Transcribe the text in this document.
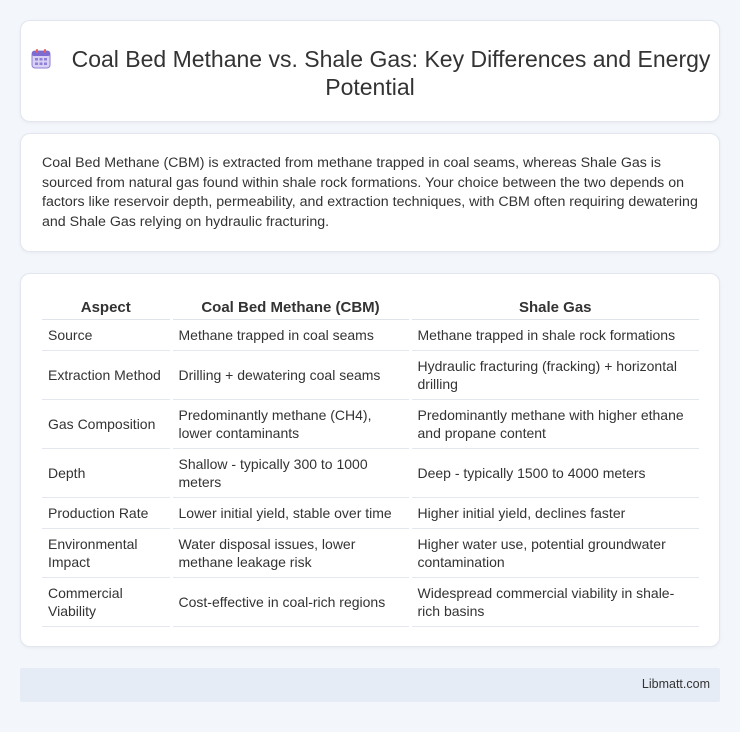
Coal Bed Methane vs. Shale Gas: Key Differences and Energy Potential

Coal Bed Methane (CBM) is extracted from methane trapped in coal seams, whereas Shale Gas is sourced from natural gas found within shale rock formations. Your choice between the two depends on factors like reservoir depth, permeability, and extraction techniques, with CBM often requiring dewatering and Shale Gas relying on hydraulic fracturing.

Aspect	Coal Bed Methane (CBM)	Shale Gas
Source	Methane trapped in coal seams	Methane trapped in shale rock formations
Extraction Method	Drilling + dewatering coal seams	Hydraulic fracturing (fracking) + horizontal drilling
Gas Composition	Predominantly methane (CH4), lower contaminants	Predominantly methane with higher ethane and propane content
Depth	Shallow - typically 300 to 1000 meters	Deep - typically 1500 to 4000 meters
Production Rate	Lower initial yield, stable over time	Higher initial yield, declines faster
Environmental Impact	Water disposal issues, lower methane leakage risk	Higher water use, potential groundwater contamination
Commercial Viability	Cost-effective in coal-rich regions	Widespread commercial viability in shale-rich basins
Libmatt.com
